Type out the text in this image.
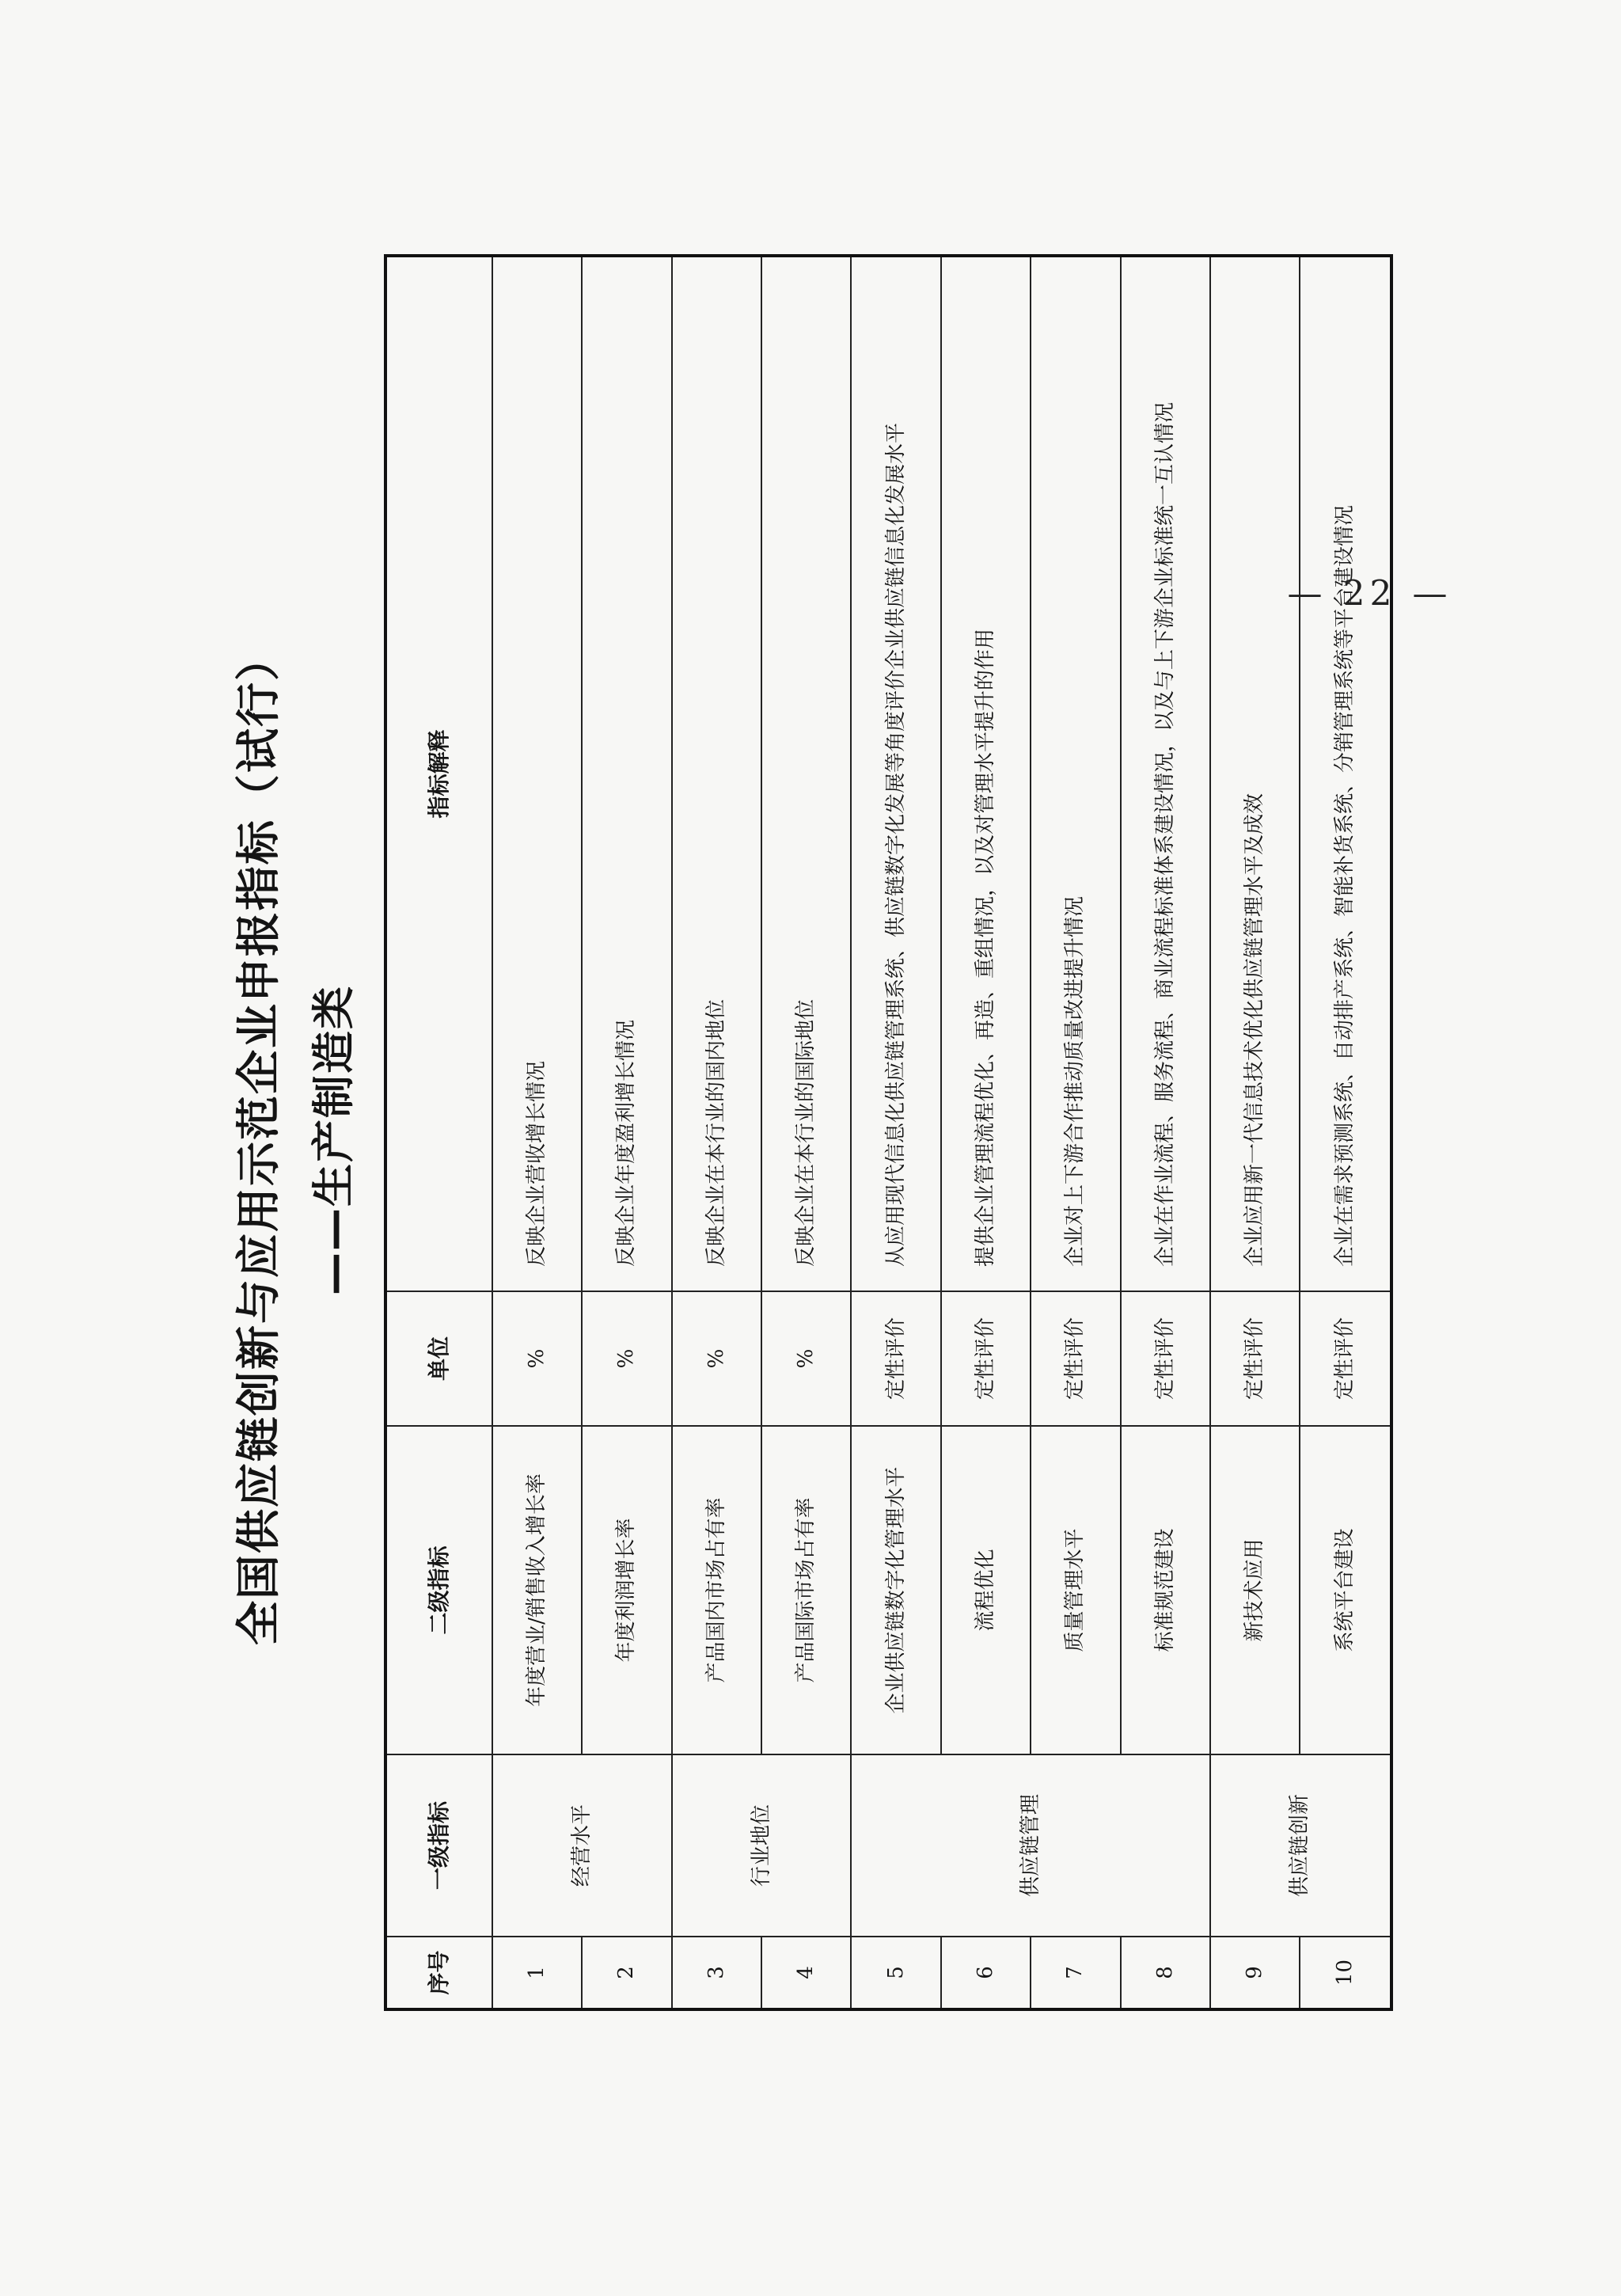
全国供应链创新与应用示范企业申报指标（试行） ——生产制造类
序号	一级指标	二级指标	单位	指标解释
1	经营水平	年度营业/销售收入增长率	%	反映企业营收增长情况
2		年度利润增长率	%	反映企业年度盈利增长情况
3	行业地位	产品国内市场占有率	%	反映企业在本行业的国内地位
4		产品国际市场占有率	%	反映企业在本行业的国际地位
5	供应链管理	企业供应链数字化管理水平	定性评价	从应用现代信息化供应链管理系统、供应链数字化发展等角度评价企业供应链信息化发展水平
6		流程优化	定性评价	提供企业管理流程优化、再造、重组情况，以及对管理水平提升的作用
7		质量管理水平	定性评价	企业对上下游合作推动质量改进提升情况
8		标准规范建设	定性评价	企业在作业流程、服务流程、商业流程标准体系建设情况，以及与上下游企业标准统一互认情况
9	供应链创新	新技术应用	定性评价	企业应用新一代信息技术优化供应链管理水平及成效
10		系统平台建设	定性评价	企业在需求预测系统、自动排产系统、智能补货系统、分销管理系统等平台建设情况
— 22 —
